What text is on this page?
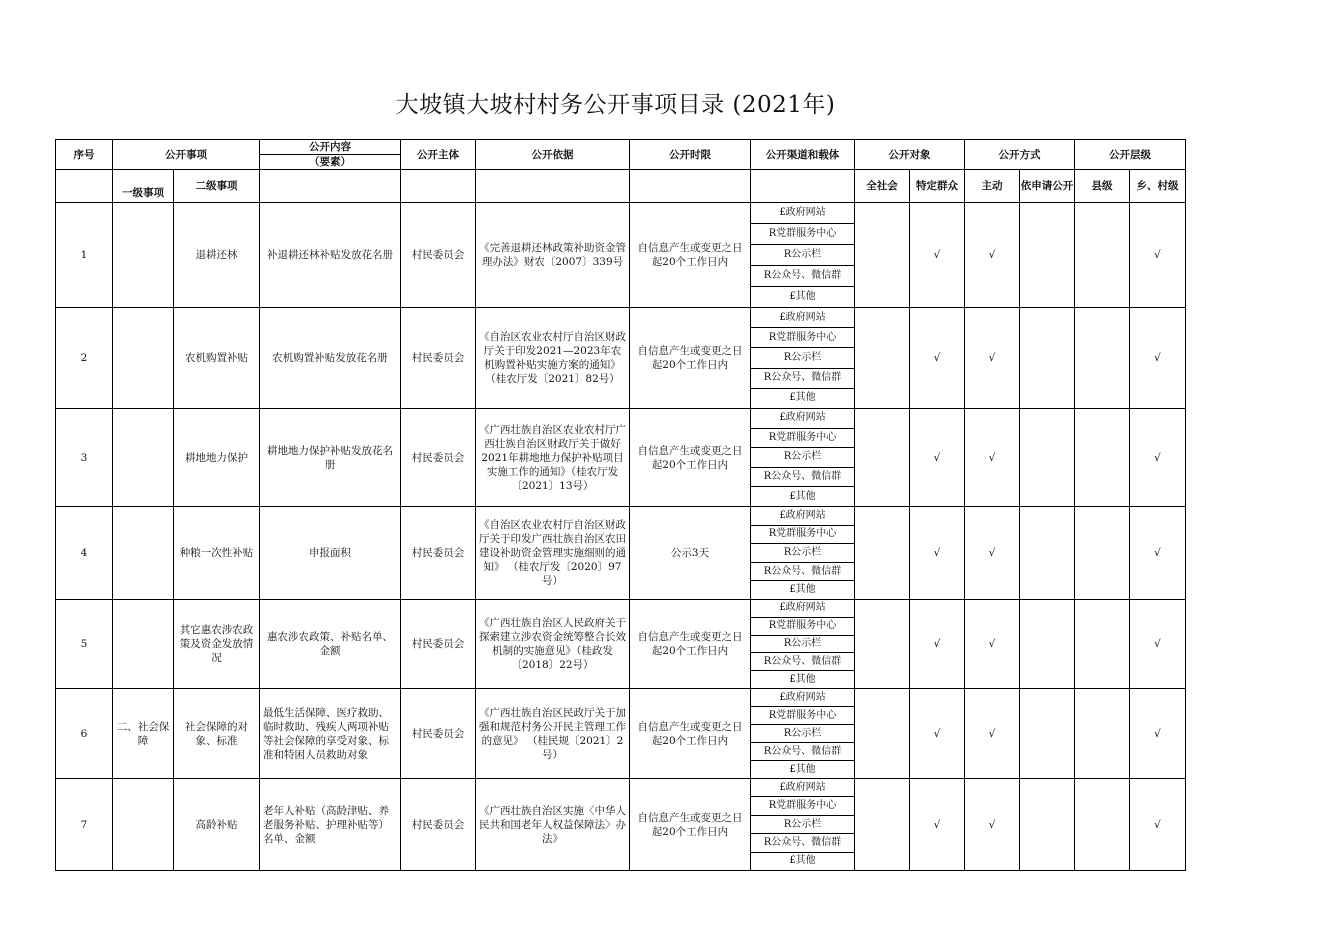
大坡镇大坡村村务公开事项目录 (2021年)
序号	公开事项		公开内容
（要素）	公开主体	公开依据	公开时限	公开渠道和载体	公开对象		公开方式		公开层级	
	一级事项	二级事项						全社会	特定群众	主动	依申请公开	县级	乡、村级

1		退耕还林	补退耕还林补贴发放花名册	村民委员会	《完善退耕还林政策补助资金管理办法》财农〔2007〕339号	自信息产生或变更之日起20个工作日内	£政府网站
R党群服务中心
R公示栏
R公众号、微信群
£其他		√	√			√

2		农机购置补贴	农机购置补贴发放花名册	村民委员会	《自治区农业农村厅自治区财政厅关于印发2021—2023年农机购置补贴实施方案的通知》 （桂农厅发〔2021〕82号）	自信息产生或变更之日起20个工作日内	£政府网站
R党群服务中心
R公示栏
R公众号、微信群
£其他		√	√			√

3		耕地地力保护	耕地地力保护补贴发放花名册	村民委员会	《广西壮族自治区农业农村厅广西壮族自治区财政厅关于做好2021年耕地地力保护补贴项目实施工作的通知》（桂农厅发〔2021〕13号）	自信息产生或变更之日起20个工作日内	£政府网站
R党群服务中心
R公示栏
R公众号、微信群
£其他		√	√			√

4		种粮一次性补贴	申报面积	村民委员会	《自治区农业农村厅自治区财政厅关于印发广西壮族自治区农田建设补助资金管理实施细则的通知》 （桂农厅发〔2020〕97号）	公示3天	£政府网站
R党群服务中心
R公示栏
R公众号、微信群
£其他		√	√			√

5		其它惠农涉农政策及资金发放情况	惠农涉农政策、补贴名单、金额	村民委员会	《广西壮族自治区人民政府关于探索建立涉农资金统筹整合长效机制的实施意见》（桂政发〔2018〕22号）	自信息产生或变更之日起20个工作日内	£政府网站
R党群服务中心
R公示栏
R公众号、微信群
£其他		√	√			√

6	二、社会保障	社会保障的对象、标准	最低生活保障、医疗救助、临时救助、残疾人两项补贴等社会保障的享受对象、标准和特困人员救助对象	村民委员会	《广西壮族自治区民政厅关于加强和规范村务公开民主管理工作的意见》 （桂民规〔2021〕2号）	自信息产生或变更之日起20个工作日内	£政府网站
R党群服务中心
R公示栏
R公众号、微信群
£其他		√	√			√

7		高龄补贴	老年人补贴（高龄津贴、养老服务补贴、护理补贴等）名单、金额	村民委员会	《广西壮族自治区实施〈中华人民共和国老年人权益保障法〉办法》	自信息产生或变更之日起20个工作日内	£政府网站
R党群服务中心
R公示栏
R公众号、微信群
£其他		√	√			√
